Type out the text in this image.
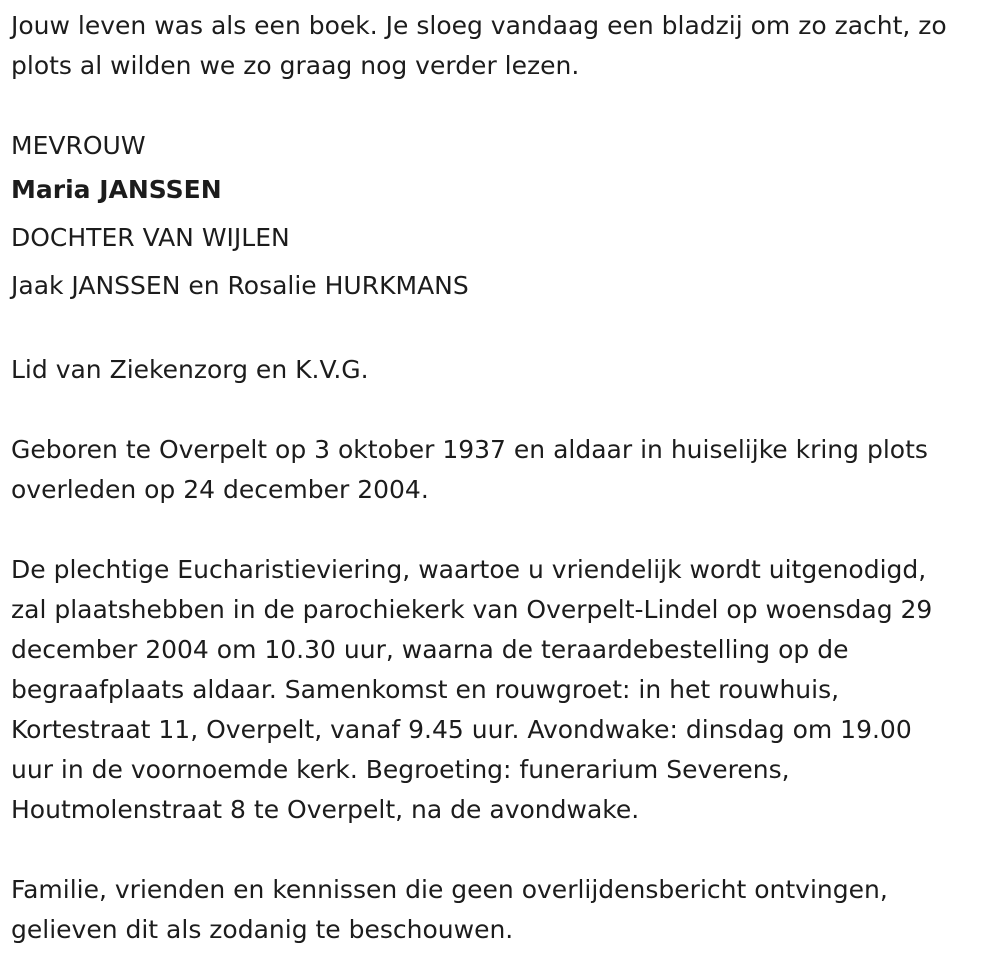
Jouw leven was als een boek. Je sloeg vandaag een bladzij om zo zacht, zo

plots al wilden we zo graag nog verder lezen.

MEVROUW

Maria JANSSEN

DOCHTER VAN WIJLEN

Jaak JANSSEN en Rosalie HURKMANS

Lid van Ziekenzorg en K.V.G.

Geboren te Overpelt op 3 oktober 1937 en aldaar in huiselijke kring plots

overleden op 24 december 2004.

De plechtige Eucharistieviering, waartoe u vriendelijk wordt uitgenodigd,

zal plaatshebben in de parochiekerk van Overpelt-Lindel op woensdag 29

december 2004 om 10.30 uur, waarna de teraardebestelling op de

begraafplaats aldaar. Samenkomst en rouwgroet: in het rouwhuis,

Kortestraat 11, Overpelt, vanaf 9.45 uur. Avondwake: dinsdag om 19.00

uur in de voornoemde kerk. Begroeting: funerarium Severens,

Houtmolenstraat 8 te Overpelt, na de avondwake.

Familie, vrienden en kennissen die geen overlijdensbericht ontvingen,

gelieven dit als zodanig te beschouwen.
